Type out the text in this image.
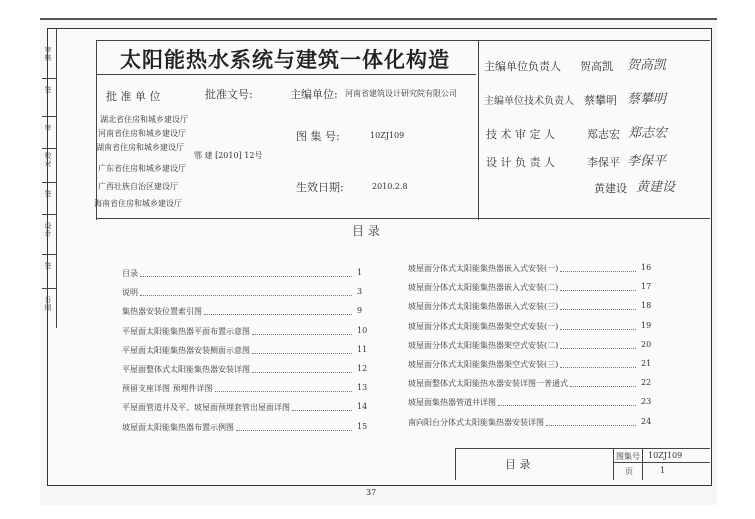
审核
签
审
校对
签
设计
签
日期
太阳能热水系统与建筑一体化构造
批 准 单 位	批准文号:	主编单位: 河南省建筑设计研究院有限公司
湖北省住房和城乡建设厅
河南省住房和城乡建设厅
湖南省住房和城乡建设厅
广东省住房和城乡建设厅
广西壮族自治区建设厅
海南省住房和城乡建设厅
鄂 建 [2010] 12号
图 集 号:	10ZJ109
生效日期:	2010.2.8
主编单位负责人 贺高凯 贺高凯
主编单位技术负责人 蔡攀明 蔡攀明
技 术 审 定 人	郑志宏 郑志宏
设 计 负 责 人	李保平 李保平
黄建设 黄建设
目 录
目录	1
说明	3
集热器安装位置索引图	9
平屋面太阳能集热器平面布置示意图	10
平屋面太阳能集热器安装侧面示意图	11
平屋面整体式太阳能集热器安装详图	12
预留支座详图 预埋件详图	13
平屋面管道井及平、坡屋面预埋套管出屋面详图	14
坡屋面太阳能集热器布置示例图	15
坡屋面分体式太阳能集热器嵌入式安装(一)	16
坡屋面分体式太阳能集热器嵌入式安装(二)	17
坡屋面分体式太阳能集热器嵌入式安装(三)	18
坡屋面分体式太阳能集热器架空式安装(一)	19
坡屋面分体式太阳能集热器架空式安装(二)	20
坡屋面分体式太阳能集热器架空式安装(三)	21
坡屋面整体式太阳能热水器安装详图一普通式	22
坡屋面集热器管道井详图	23
南向阳台分体式太阳能集热器安装详图	24
目 录
图集号 10ZJ109
页	1
37
